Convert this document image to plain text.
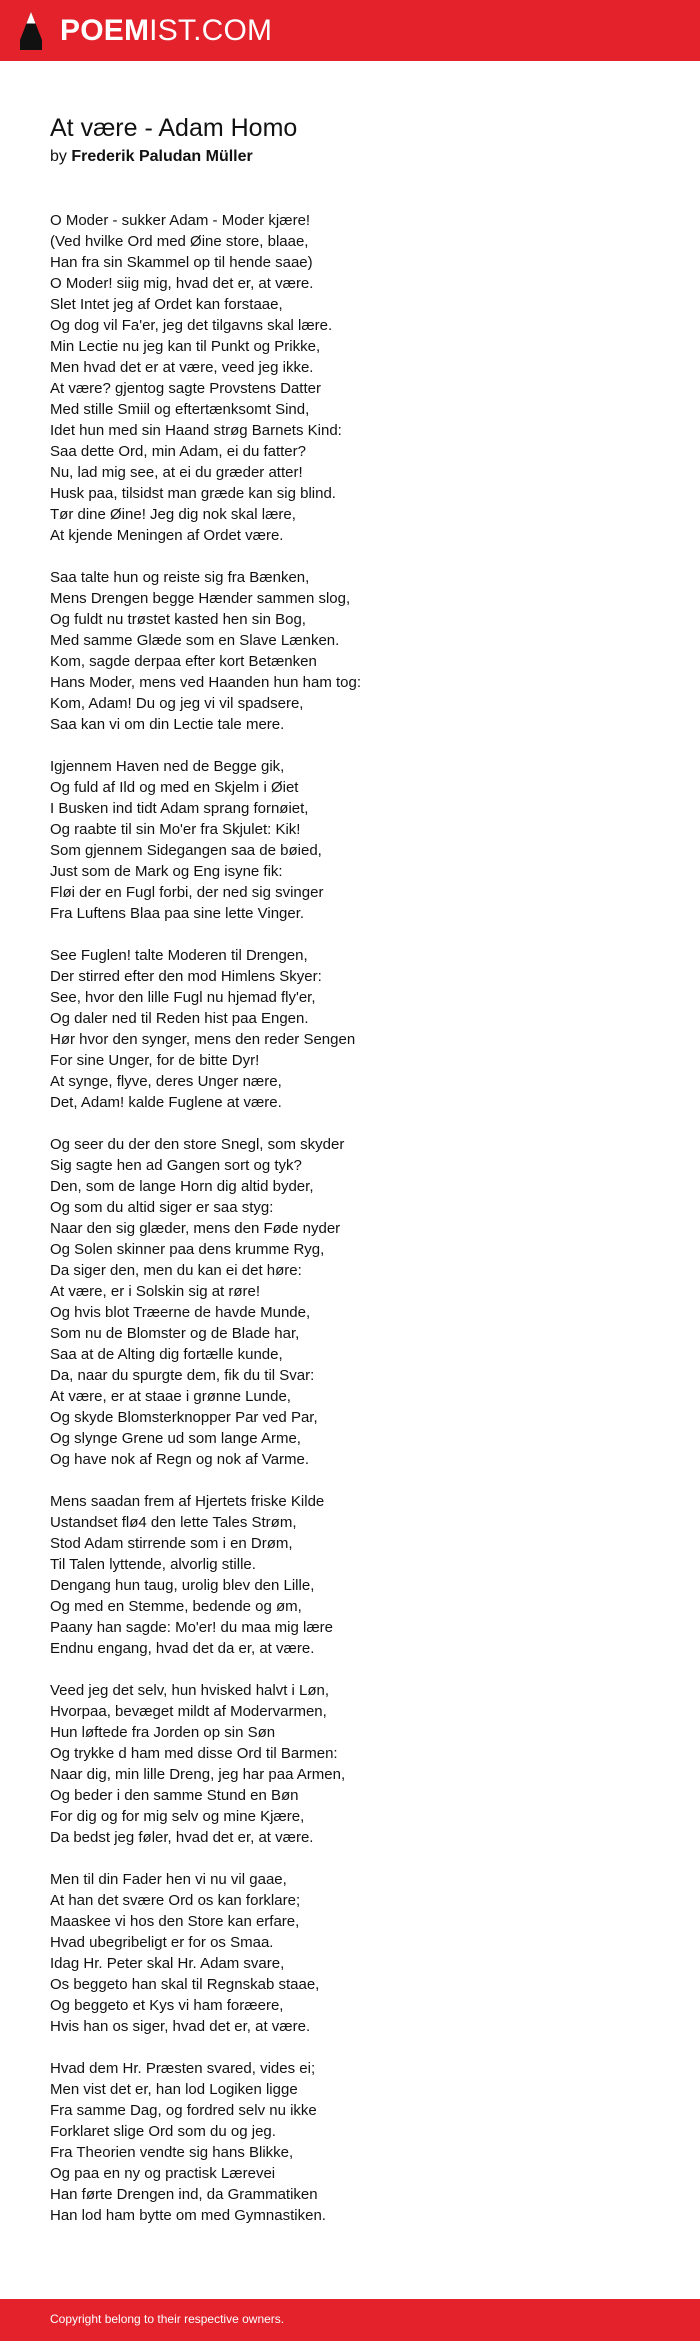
POEMIST.COM
At være - Adam Homo
by Frederik Paludan Müller
O Moder - sukker Adam - Moder kjære!
(Ved hvilke Ord med Øine store, blaae,
Han fra sin Skammel op til hende saae)
O Moder! siig mig, hvad det er, at være.
Slet Intet jeg af Ordet kan forstaae,
Og dog vil Fa'er, jeg det tilgavns skal lære.
Min Lectie nu jeg kan til Punkt og Prikke,
Men hvad det er at være, veed jeg ikke.
At være? gjentog sagte Provstens Datter
Med stille Smiil og eftertænksomt Sind,
Idet hun med sin Haand strøg Barnets Kind:
Saa dette Ord, min Adam, ei du fatter?
Nu, lad mig see, at ei du græder atter!
Husk paa, tilsidst man græde kan sig blind.
Tør dine Øine! Jeg dig nok skal lære,
At kjende Meningen af Ordet være.
Saa talte hun og reiste sig fra Bænken,
Mens Drengen begge Hænder sammen slog,
Og fuldt nu trøstet kasted hen sin Bog,
Med samme Glæde som en Slave Lænken.
Kom, sagde derpaa efter kort Betænken
Hans Moder, mens ved Haanden hun ham tog:
Kom, Adam! Du og jeg vi vil spadsere,
Saa kan vi om din Lectie tale mere.
Igjennem Haven ned de Begge gik,
Og fuld af Ild og med en Skjelm i Øiet
I Busken ind tidt Adam sprang fornøiet,
Og raabte til sin Mo'er fra Skjulet: Kik!
Som gjennem Sidegangen saa de bøied,
Just som de Mark og Eng isyne fik:
Fløi der en Fugl forbi, der ned sig svinger
Fra Luftens Blaa paa sine lette Vinger.
See Fuglen! talte Moderen til Drengen,
Der stirred efter den mod Himlens Skyer:
See, hvor den lille Fugl nu hjemad fly'er,
Og daler ned til Reden hist paa Engen.
Hør hvor den synger, mens den reder Sengen
For sine Unger, for de bitte Dyr!
At synge, flyve, deres Unger nære,
Det, Adam! kalde Fuglene at være.
Og seer du der den store Snegl, som skyder
Sig sagte hen ad Gangen sort og tyk?
Den, som de lange Horn dig altid byder,
Og som du altid siger er saa styg:
Naar den sig glæder, mens den Føde nyder
Og Solen skinner paa dens krumme Ryg,
Da siger den, men du kan ei det høre:
At være, er i Solskin sig at røre!
Og hvis blot Træerne de havde Munde,
Som nu de Blomster og de Blade har,
Saa at de Alting dig fortælle kunde,
Da, naar du spurgte dem, fik du til Svar:
At være, er at staae i grønne Lunde,
Og skyde Blomsterknopper Par ved Par,
Og slynge Grene ud som lange Arme,
Og have nok af Regn og nok af Varme.
Mens saadan frem af Hjertets friske Kilde
Ustandset flø4 den lette Tales Strøm,
Stod Adam stirrende som i en Drøm,
Til Talen lyttende, alvorlig stille.
Dengang hun taug, urolig blev den Lille,
Og med en Stemme, bedende og øm,
Paany han sagde: Mo'er! du maa mig lære
Endnu engang, hvad det da er, at være.
Veed jeg det selv, hun hvisked halvt i Løn,
Hvorpaa, bevæget mildt af Modervarmen,
Hun løftede fra Jorden op sin Søn
Og trykke d ham med disse Ord til Barmen:
Naar dig, min lille Dreng, jeg har paa Armen,
Og beder i den samme Stund en Bøn
For dig og for mig selv og mine Kjære,
Da bedst jeg føler, hvad det er, at være.
Men til din Fader hen vi nu vil gaae,
At han det svære Ord os kan forklare;
Maaskee vi hos den Store kan erfare,
Hvad ubegribeligt er for os Smaa.
Idag Hr. Peter skal Hr. Adam svare,
Os beggeto han skal til Regnskab staae,
Og beggeto et Kys vi ham foræere,
Hvis han os siger, hvad det er, at være.
Hvad dem Hr. Præsten svared, vides ei;
Men vist det er, han lod Logiken ligge
Fra samme Dag, og fordred selv nu ikke
Forklaret slige Ord som du og jeg.
Fra Theorien vendte sig hans Blikke,
Og paa en ny og practisk Lærevei
Han førte Drengen ind, da Grammatiken
Han lod ham bytte om med Gymnastiken.
Copyright belong to their respective owners.
